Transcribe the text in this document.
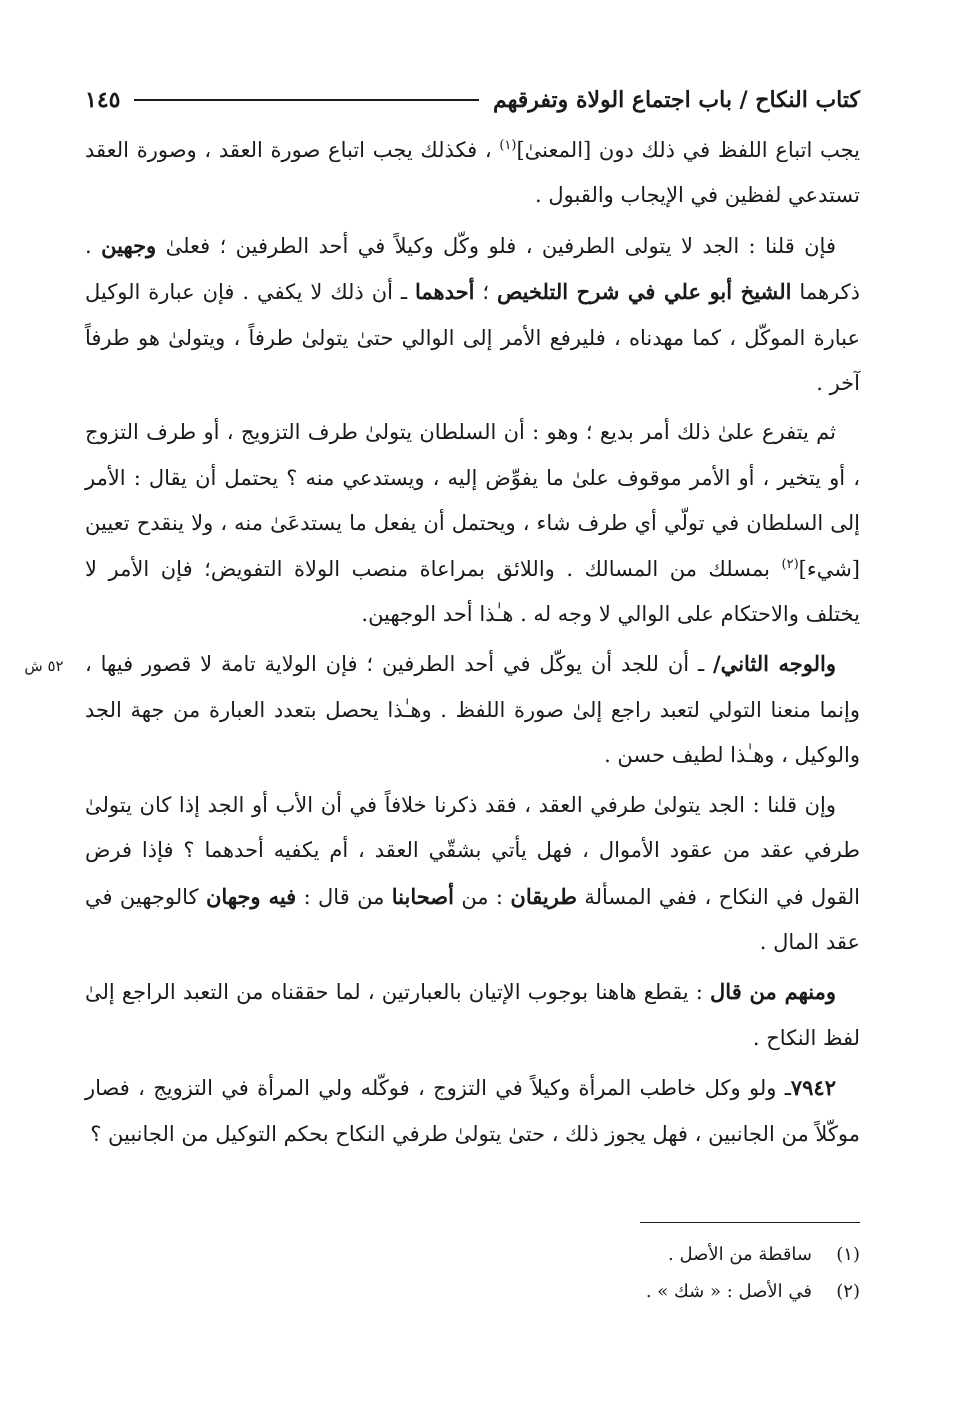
كتاب النكاح / باب اجتماع الولاة وتفرقهم
١٤٥
٥٢ ش

يجب اتباع اللفظ في ذلك دون [المعنىٰ]$^{(١)}$ ، فكذلك يجب اتباع صورة العقد ، وصورة العقد تستدعي لفظين في الإيجاب والقبول .

فإن قلنا : الجد لا يتولى الطرفين ، فلو وكّل وكيلاً في أحد الطرفين ؛ فعلىٰ وجهين . ذكرهما الشيخ أبو علي في شرح التلخيص ؛ أحدهما ـ أن ذلك لا يكفي . فإن عبارة الوكيل عبارة الموكّل ، كما مهدناه ، فليرفع الأمر إلى الوالي حتىٰ يتولىٰ طرفاً ، ويتولىٰ هو طرفاً آخر .

ثم يتفرع علىٰ ذلك أمر بديع ؛ وهو : أن السلطان يتولىٰ طرف التزويج ، أو طرف التزوج ، أو يتخير ، أو الأمر موقوف علىٰ ما يفوِّض إليه ، ويستدعي منه ؟ يحتمل أن يقال : الأمر إلى السلطان في تولّي أي طرف شاء ، ويحتمل أن يفعل ما يستدعَىٰ منه ، ولا ينقدح تعيين [شيء]$^{(٢)}$ بمسلك من المسالك . واللائق بمراعاة منصب الولاة التفويض؛ فإن الأمر لا يختلف والاحتكام على الوالي لا وجه له . هـٰذا أحد الوجهين.

والوجه الثاني/ ـ أن للجد أن يوكّل في أحد الطرفين ؛ فإن الولاية تامة لا قصور فيها ، وإنما منعنا التولي لتعبد راجع إلىٰ صورة اللفظ . وهـٰذا يحصل بتعدد العبارة من جهة الجد والوكيل ، وهـٰذا لطيف حسن .

وإن قلنا : الجد يتولىٰ طرفي العقد ، فقد ذكرنا خلافاً في أن الأب أو الجد إذا كان يتولىٰ طرفي عقد من عقود الأموال ، فهل يأتي بشقّي العقد ، أم يكفيه أحدهما ؟ فإذا فرض القول في النكاح ، ففي المسألة طريقان : من أصحابنا من قال : فيه وجهان كالوجهين في عقد المال .

ومنهم من قال : يقطع هاهنا بوجوب الإتيان بالعبارتين ، لما حققناه من التعبد الراجع إلىٰ لفظ النكاح .

٧٩٤٢ـ ولو وكل خاطب المرأة وكيلاً في التزوج ، فوكّله ولي المرأة في التزويج ، فصار موكّلاً من الجانبين ، فهل يجوز ذلك ، حتىٰ يتولىٰ طرفي النكاح بحكم التوكيل من الجانبين ؟

(١)ساقطة من الأصل .
(٢)في الأصل : « شك » .
